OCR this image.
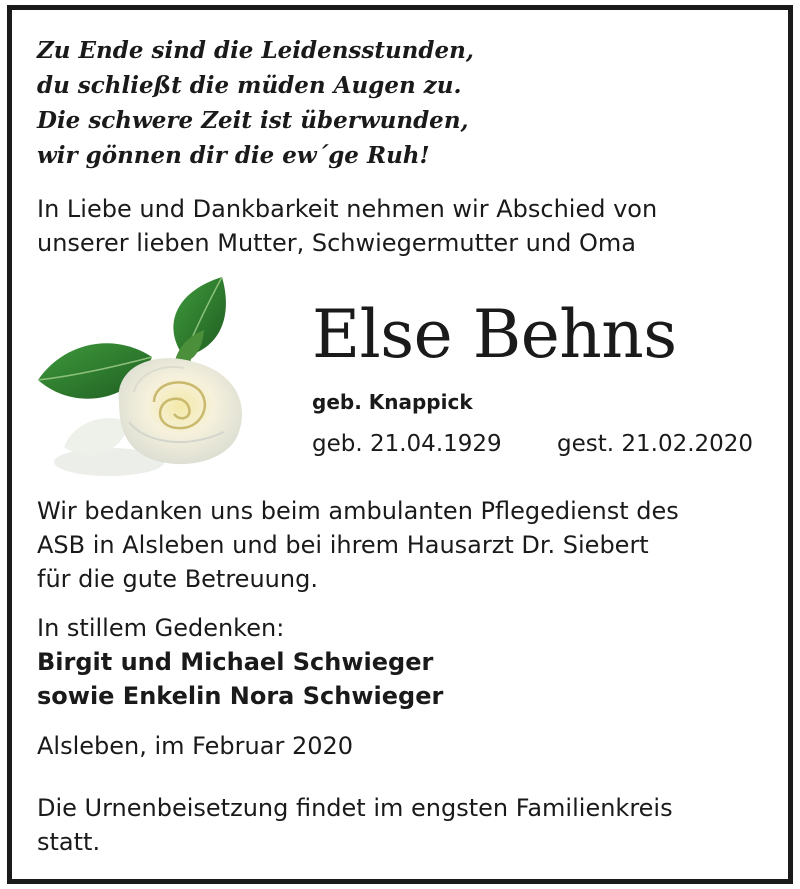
Zu Ende sind die Leidensstunden,
du schließt die müden Augen zu.
Die schwere Zeit ist überwunden,
wir gönnen dir die ew´ge Ruh!
In Liebe und Dankbarkeit nehmen wir Abschied von
unserer lieben Mutter, Schwiegermutter und Oma
Else Behns
geb. Knappick
geb. 21.04.1929 gest. 21.02.2020
Wir bedanken uns beim ambulanten Pflegedienst des
ASB in Alsleben und bei ihrem Hausarzt Dr. Siebert
für die gute Betreuung.
In stillem Gedenken:
Birgit und Michael Schwieger
sowie Enkelin Nora Schwieger
Alsleben, im Februar 2020
Die Urnenbeisetzung findet im engsten Familienkreis
statt.
